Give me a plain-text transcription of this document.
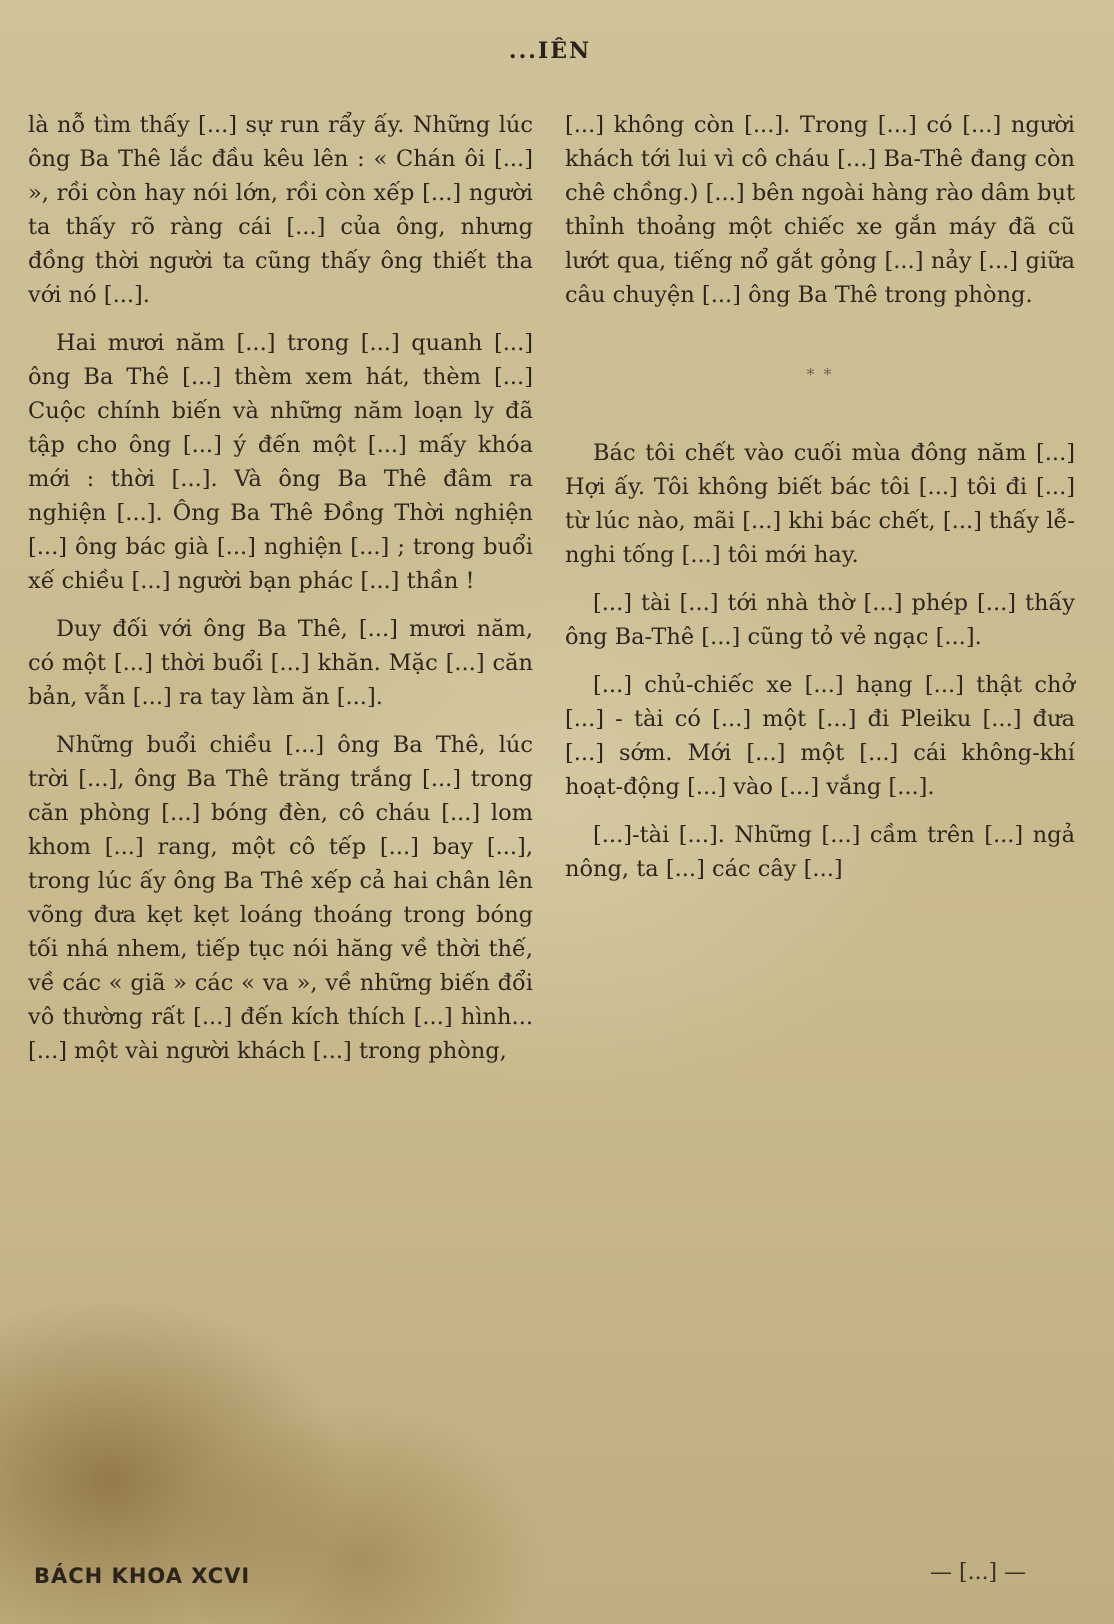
...IÊN

là nỗ tìm thấy [...] sự run rẩy ấy. Những lúc ông Ba Thê lắc đầu kêu lên : « Chán ôi [...] », rồi còn hay nói lớn, rồi còn xếp [...] người ta thấy rõ ràng cái [...] của ông, nhưng đồng thời người ta cũng thấy ông thiết tha với nó [...].

Hai mươi năm [...] trong [...] quanh [...] ông Ba Thê [...] thèm xem hát, thèm [...] Cuộc chính biến và những năm loạn ly đã tập cho ông [...] ý đến một [...] mấy khóa mới : thời [...]. Và ông Ba Thê đâm ra nghiện [...]. Ông Ba Thê Đồng Thời nghiện [...] ông bác già [...] nghiện [...] ; trong buổi xế chiều [...] người bạn phác [...] thần !

Duy đối với ông Ba Thê, [...] mươi năm, có một [...] thời buổi [...] khăn. Mặc [...] căn bản, vẫn [...] ra tay làm ăn [...].

Những buổi chiều [...] ông Ba Thê, lúc trời [...], ông Ba Thê trăng trắng [...] trong căn phòng [...] bóng đèn, cô cháu [...] lom khom [...] rang, một cô tếp [...] bay [...], trong lúc ấy ông Ba Thê xếp cả hai chân lên võng đưa kẹt kẹt loáng thoáng trong bóng tối nhá nhem, tiếp tục nói hăng về thời thế, về các « giã » các « va », về những biến đổi vô thường rất [...] đến kích thích [...] hình... [...] một vài người khách [...] trong phòng,

[...] không còn [...]. Trong [...] có [...] người khách tới lui vì cô cháu [...] Ba-Thê đang còn chê chồng.) [...] bên ngoài hàng rào dâm bụt thỉnh thoảng một chiếc xe gắn máy đã cũ lướt qua, tiếng nổ gắt gỏng [...] nảy [...] giữa câu chuyện [...] ông Ba Thê trong phòng.

* *

Bác tôi chết vào cuối mùa đông năm [...] Hợi ấy. Tôi không biết bác tôi [...] tôi đi [...] từ lúc nào, mãi [...] khi bác chết, [...] thấy lễ-nghi tống [...] tôi mới hay.

[...] tài [...] tới nhà thờ [...] phép [...] thấy ông Ba-Thê [...] cũng tỏ vẻ ngạc [...].

[...] chủ-chiếc xe [...] hạng [...] thật chở [...] - tài có [...] một [...] đi Pleiku [...] đưa [...] sớm. Mới [...] một [...] cái không-khí hoạt-động [...] vào [...] vắng [...].

[...]-tài [...]. Những [...] cầm trên [...] ngả nông, ta [...] các cây [...]

BÁCH KHOA XCVI	— [...] —
